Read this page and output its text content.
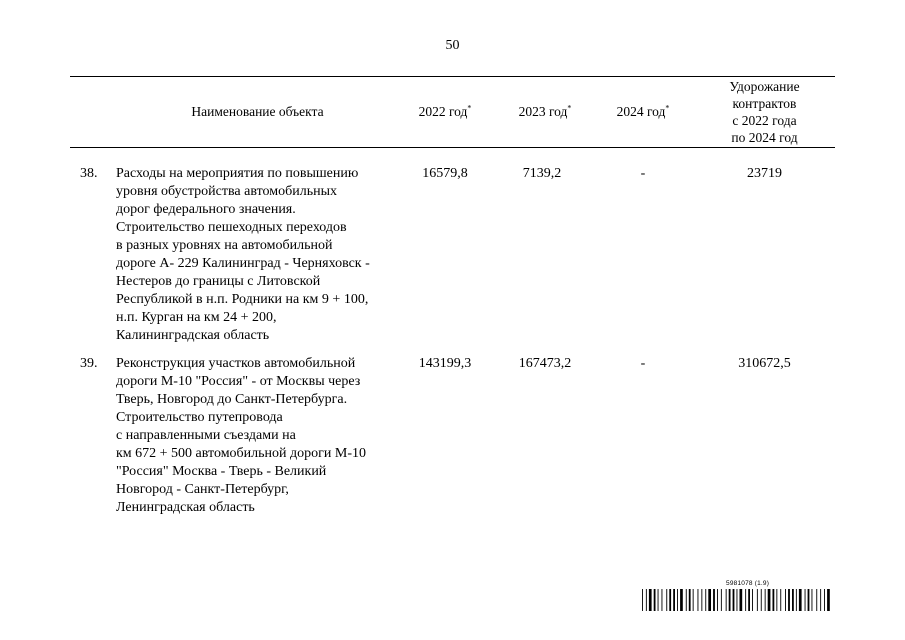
50
Наименование объекта	2022 год*	2023 год*	2024 год*
Удорожание
контрактов
с 2022 года
по 2024 год
38. Расходы на мероприятия по повышению
уровня обустройства автомобильных
дорог федерального значения.
Строительство пешеходных переходов
в разных уровнях на автомобильной
дороге А- 229 Калининград - Черняховск -
Нестеров до границы с Литовской
Республикой в н.п. Родники на км 9 + 100,
н.п. Курган на км 24 + 200,
Калининградская область
16579,8	7139,2	-	23719
39. Реконструкция участков автомобильной
дороги М-10 "Россия" - от Москвы через
Тверь, Новгород до Санкт-Петербурга.
Строительство путепровода
с направленными съездами на
км 672 + 500 автомобильной дороги М-10
"Россия" Москва - Тверь - Великий
Новгород - Санкт-Петербург,
Ленинградская область
143199,3	167473,2	-	310672,5
5981078 (1.9)
